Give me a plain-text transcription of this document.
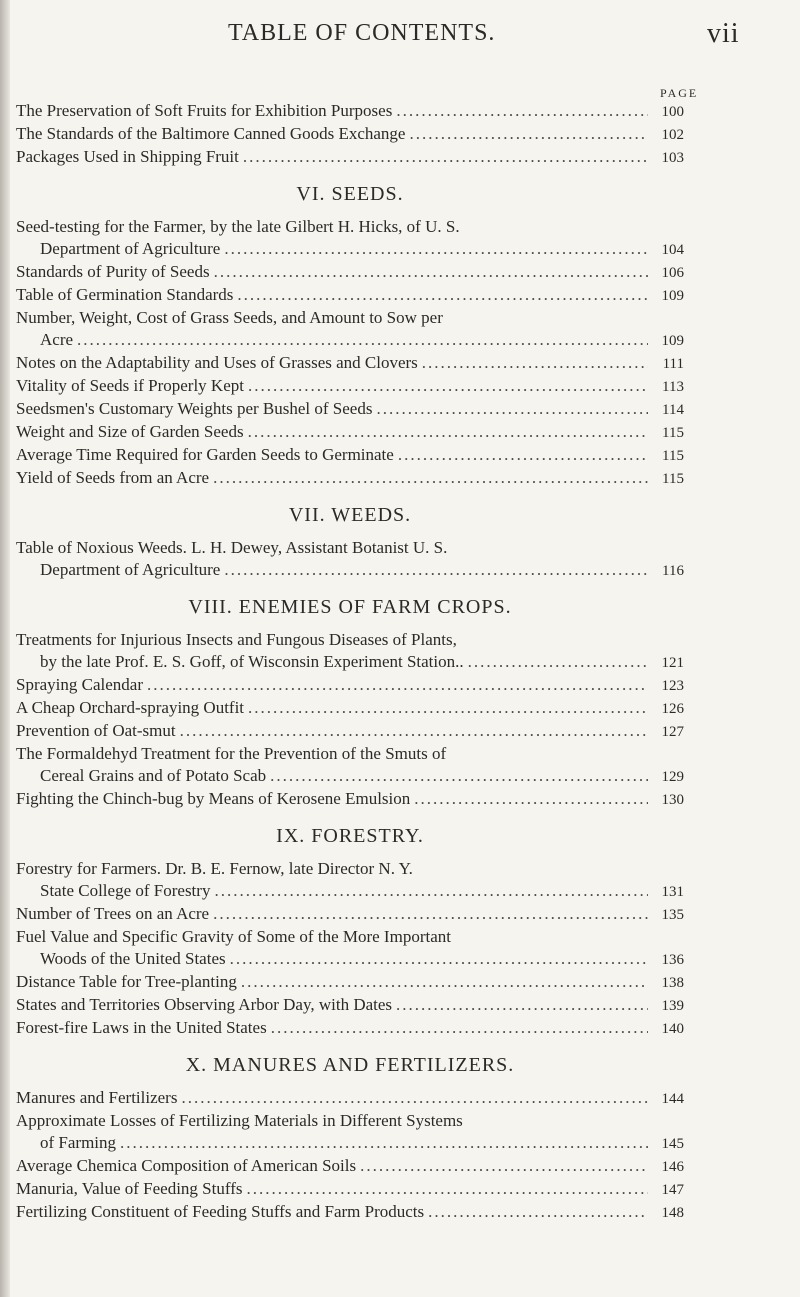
TABLE OF CONTENTS.	vii
PAGE
The Preservation of Soft Fruits for Exhibition Purposes .....	100
The Standards of the Baltimore Canned Goods Exchange .....	102
Packages Used in Shipping Fruit .....	103
VI. SEEDS.
Seed-testing for the Farmer, by the late Gilbert H. Hicks, of U. S.
Department of Agriculture .....	104
Standards of Purity of Seeds .....	106
Table of Germination Standards .....	109
Number, Weight, Cost of Grass Seeds, and Amount to Sow per
Acre .....	109
Notes on the Adaptability and Uses of Grasses and Clovers .....	111
Vitality of Seeds if Properly Kept .....	113
Seedsmen's Customary Weights per Bushel of Seeds .....	114
Weight and Size of Garden Seeds .....	115
Average Time Required for Garden Seeds to Germinate .....	115
Yield of Seeds from an Acre .....	115
VII. WEEDS.
Table of Noxious Weeds. L. H. Dewey, Assistant Botanist U. S.
Department of Agriculture .....	116
VIII. ENEMIES OF FARM CROPS.
Treatments for Injurious Insects and Fungous Diseases of Plants,
by the late Prof. E. S. Goff, of Wisconsin Experiment Station.. .....	121
Spraying Calendar .....	123
A Cheap Orchard-spraying Outfit .....	126
Prevention of Oat-smut .....	127
The Formaldehyd Treatment for the Prevention of the Smuts of
Cereal Grains and of Potato Scab .....	129
Fighting the Chinch-bug by Means of Kerosene Emulsion .....	130
IX. FORESTRY.
Forestry for Farmers. Dr. B. E. Fernow, late Director N. Y.
State College of Forestry .....	131
Number of Trees on an Acre .....	135
Fuel Value and Specific Gravity of Some of the More Important
Woods of the United States .....	136
Distance Table for Tree-planting .....	138
States and Territories Observing Arbor Day, with Dates .....	139
Forest-fire Laws in the United States .....	140
X. MANURES AND FERTILIZERS.
Manures and Fertilizers .....	144
Approximate Losses of Fertilizing Materials in Different Systems
of Farming .....	145
Average Chemica Composition of American Soils .....	146
Manuria, Value of Feeding Stuffs .....	147
Fertilizing Constituent of Feeding Stuffs and Farm Products .....	148
